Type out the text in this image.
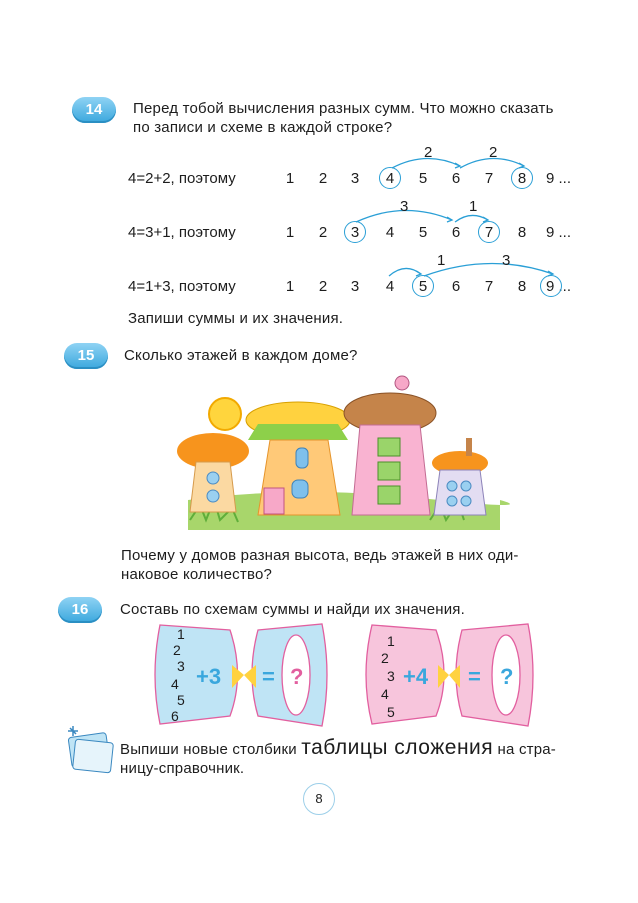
14	Перед тобой вычисления разных сумм. Что можно сказать
по записи и схеме в каждой строке?
4=2+2, поэтому	1	2	3	4	5	6	7	8	9 ...
2	2
4=3+1, поэтому	1	2	3	4	5	6	7	8	9 ...
3	1
4=1+3, поэтому	1	2	3	4	5	6	7	8	9 ...
1	3
Запиши суммы и их значения.
15	Сколько этажей в каждом доме?
Почему у домов разная высота, ведь этажей в них оди-
наковое количество?
16	Составь по схемам суммы и найди их значения.
1
2
3
4
5
6
+3 = ?
1
2
3
4
5
+4 = ?
Выпиши новые столбики таблицы сложения на стра-
ницу-справочник.
8
